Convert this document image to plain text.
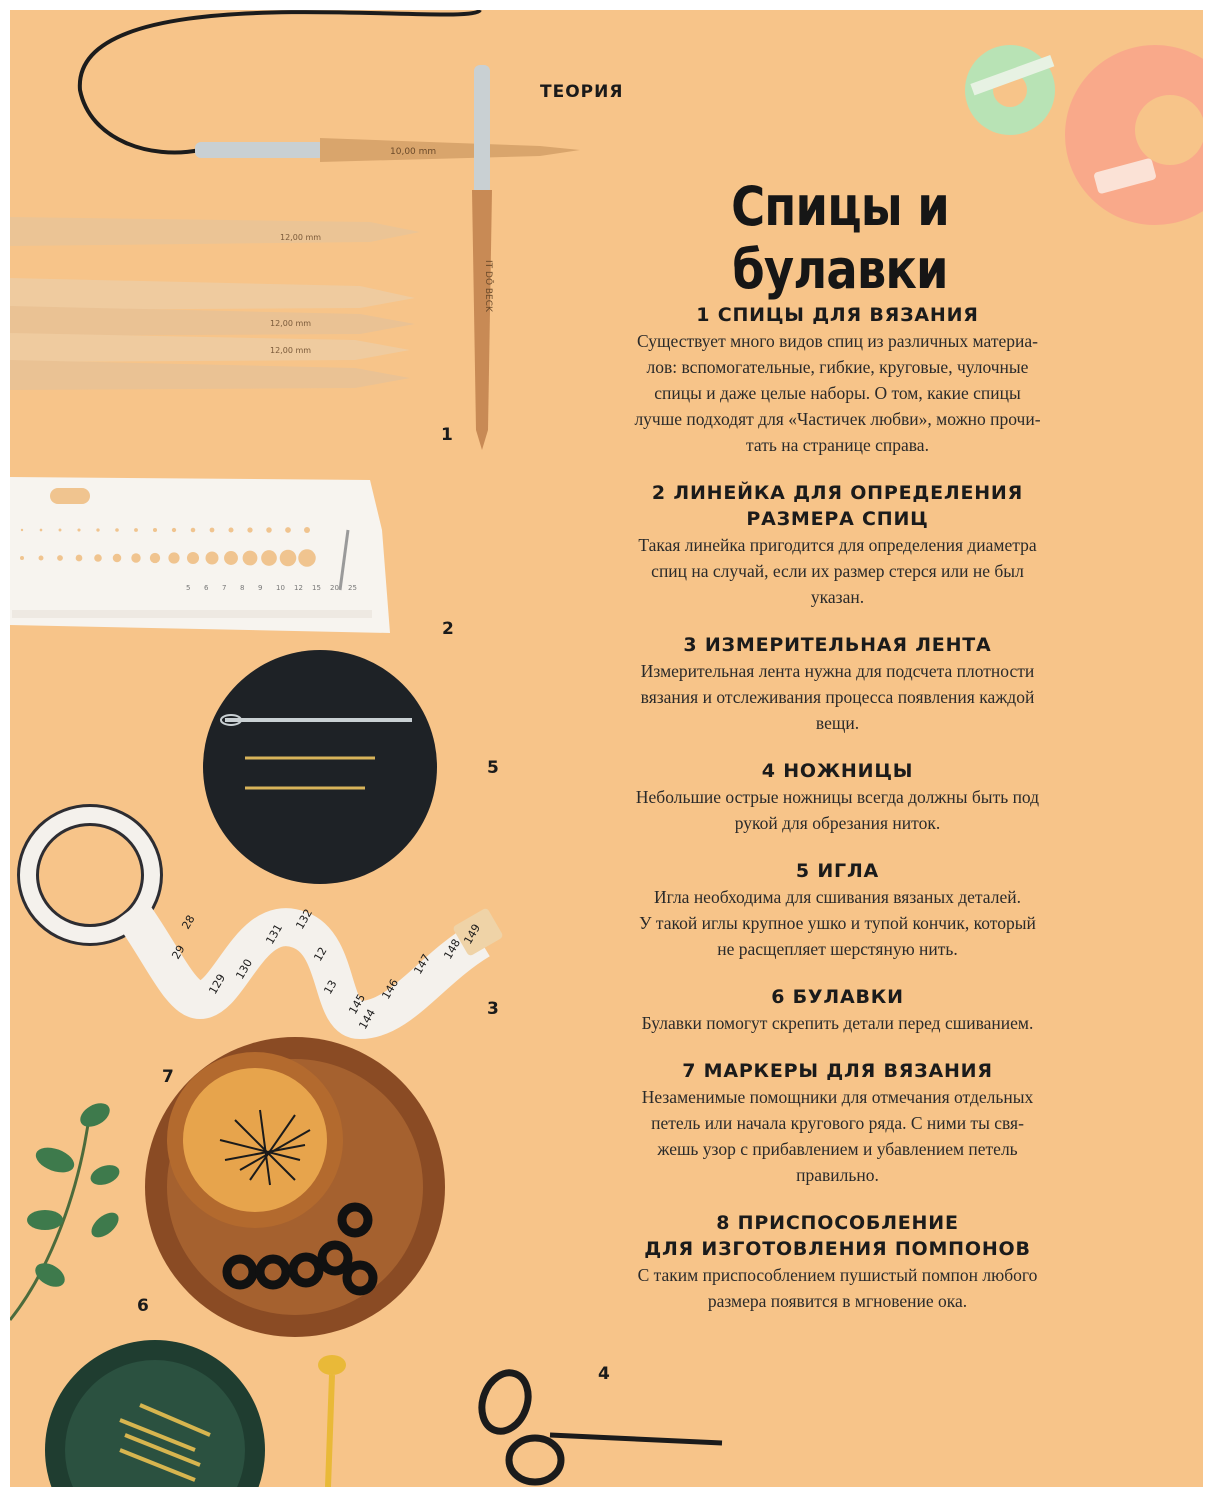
IT DŌ BECK
10,00 mm
12,00 mm
12,00 mm
12,00 mm
5 6 7 8 9 10 12 15 20 25
129
130
131
132
12
13
145
146
147
148
149
28
29
144
ТЕОРИЯ
Спицы и булавки
1 СПИЦЫ ДЛЯ ВЯЗАНИЯ
Существует много видов спиц из различных материа-
лов: вспомогательные, гибкие, круговые, чулочные
спицы и даже целые наборы. О том, какие спицы
лучше подходят для «Частичек любви», можно прочи-
тать на странице справа.
2 ЛИНЕЙКА ДЛЯ ОПРЕДЕЛЕНИЯ
РАЗМЕРА СПИЦ
Такая линейка пригодится для определения диаметра
спиц на случай, если их размер стерся или не был
указан.
3 ИЗМЕРИТЕЛЬНАЯ ЛЕНТА
Измерительная лента нужна для подсчета плотности
вязания и отслеживания процесса появления каждой
вещи.
4 НОЖНИЦЫ
Небольшие острые ножницы всегда должны быть под
рукой для обрезания ниток.
5 ИГЛА
Игла необходима для сшивания вязаных деталей.
У такой иглы крупное ушко и тупой кончик, который
не расщепляет шерстяную нить.
6 БУЛАВКИ
Булавки помогут скрепить детали перед сшиванием.
7 МАРКЕРЫ ДЛЯ ВЯЗАНИЯ
Незаменимые помощники для отмечания отдельных
петель или начала кругового ряда. С ними ты свя-
жешь узор с прибавлением и убавлением петель
правильно.
8 ПРИСПОСОБЛЕНИЕ
ДЛЯ ИЗГОТОВЛЕНИЯ ПОМПОНОВ
С таким приспособлением пушистый помпон любого
размера появится в мгновение ока.
1
2
5
3
7
6
4
